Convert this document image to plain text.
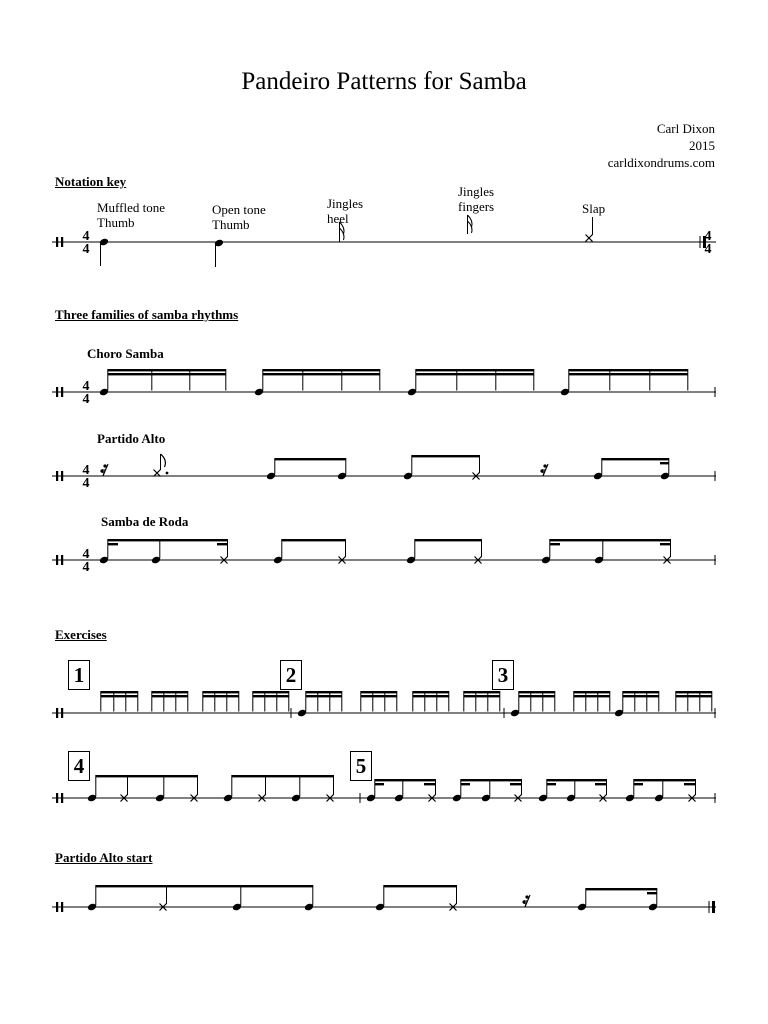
Pandeiro Patterns for Samba
Carl Dixon
2015
carldixondrums.com
Notation key
Three families of samba rhythms
Exercises
Partido Alto start
Muffled tone
Thumb
Open tone
Thumb
Jingles
heel
Jingles
fingers	Slap
Choro Samba
Partido Alto
Samba de Roda
1	2	3
4	5
4
4
4
4
4
4
4
4
4
4
